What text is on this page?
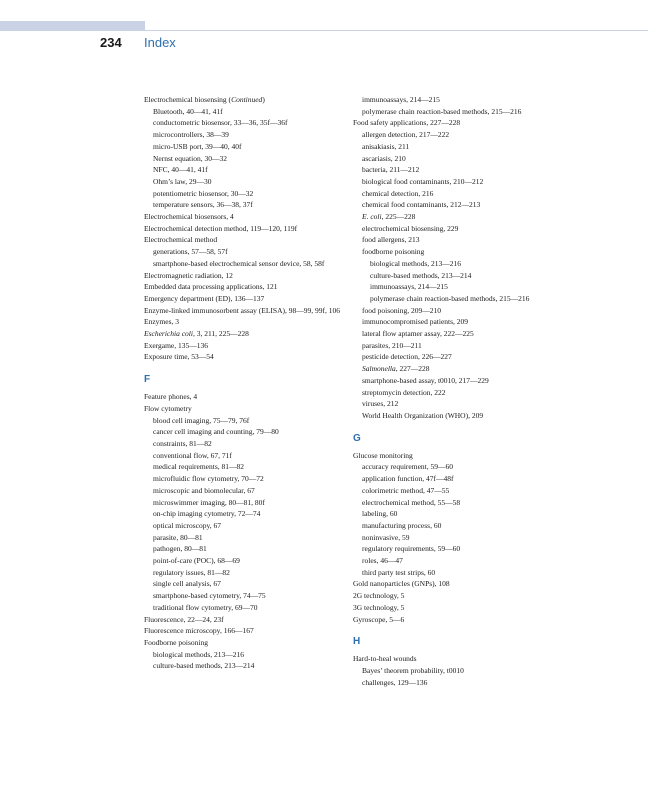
234 Index
Electrochemical biosensing (Continued)
Bluetooth, 40—41, 41f
conductometric biosensor, 33—36, 35f—36f
microcontrollers, 38—39
micro-USB port, 39—40, 40f
Nernst equation, 30—32
NFC, 40—41, 41f
Ohm’s law, 29—30
potentiometric biosensor, 30—32
temperature sensors, 36—38, 37f
Electrochemical biosensors, 4
Electrochemical detection method, 119—120, 119f
Electrochemical method
generations, 57—58, 57f
smartphone-based electrochemical sensor device, 58, 58f
Electromagnetic radiation, 12
Embedded data processing applications, 121
Emergency department (ED), 136—137
Enzyme-linked immunosorbent assay (ELISA), 98—99, 99f, 106
Enzymes, 3
Escherichia coli, 3, 211, 225—228
Exergame, 135—136
Exposure time, 53—54
F
Feature phones, 4
Flow cytometry
blood cell imaging, 75—79, 76f
cancer cell imaging and counting, 79—80
constraints, 81—82
conventional flow, 67, 71f
medical requirements, 81—82
microfluidic flow cytometry, 70—72
microscopic and biomolecular, 67
microswimmer imaging, 80—81, 80f
on-chip imaging cytometry, 72—74
optical microscopy, 67
parasite, 80—81
pathogen, 80—81
point-of-care (POC), 68—69
regulatory issues, 81—82
single cell analysis, 67
smartphone-based cytometry, 74—75
traditional flow cytometry, 69—70
Fluorescence, 22—24, 23f
Fluorescence microscopy, 166—167
Foodborne poisoning
biological methods, 213—216
culture-based methods, 213—214
immunoassays, 214—215
polymerase chain reaction-based methods, 215—216
Food safety applications, 227—228
allergen detection, 217—222
anisakiasis, 211
ascariasis, 210
bacteria, 211—212
biological food contaminants, 210—212
chemical detection, 216
chemical food contaminants, 212—213
E. coli, 225—228
electrochemical biosensing, 229
food allergens, 213
foodborne poisoning
biological methods, 213—216
culture-based methods, 213—214
immunoassays, 214—215
polymerase chain reaction-based methods, 215—216
food poisoning, 209—210
immunocompromised patients, 209
lateral flow aptamer assay, 222—225
parasites, 210—211
pesticide detection, 226—227
Salmonella, 227—228
smartphone-based assay, t0010, 217—229
streptomycin detection, 222
viruses, 212
World Health Organization (WHO), 209
G
Glucose monitoring
accuracy requirement, 59—60
application function, 47f—48f
colorimetric method, 47—55
electrochemical method, 55—58
labeling, 60
manufacturing process, 60
noninvasive, 59
regulatory requirements, 59—60
roles, 46—47
third party test strips, 60
Gold nanoparticles (GNPs), 108
2G technology, 5
3G technology, 5
Gyroscope, 5—6
H
Hard-to-heal wounds
Bayes’ theorem probability, t0010
challenges, 129—136
